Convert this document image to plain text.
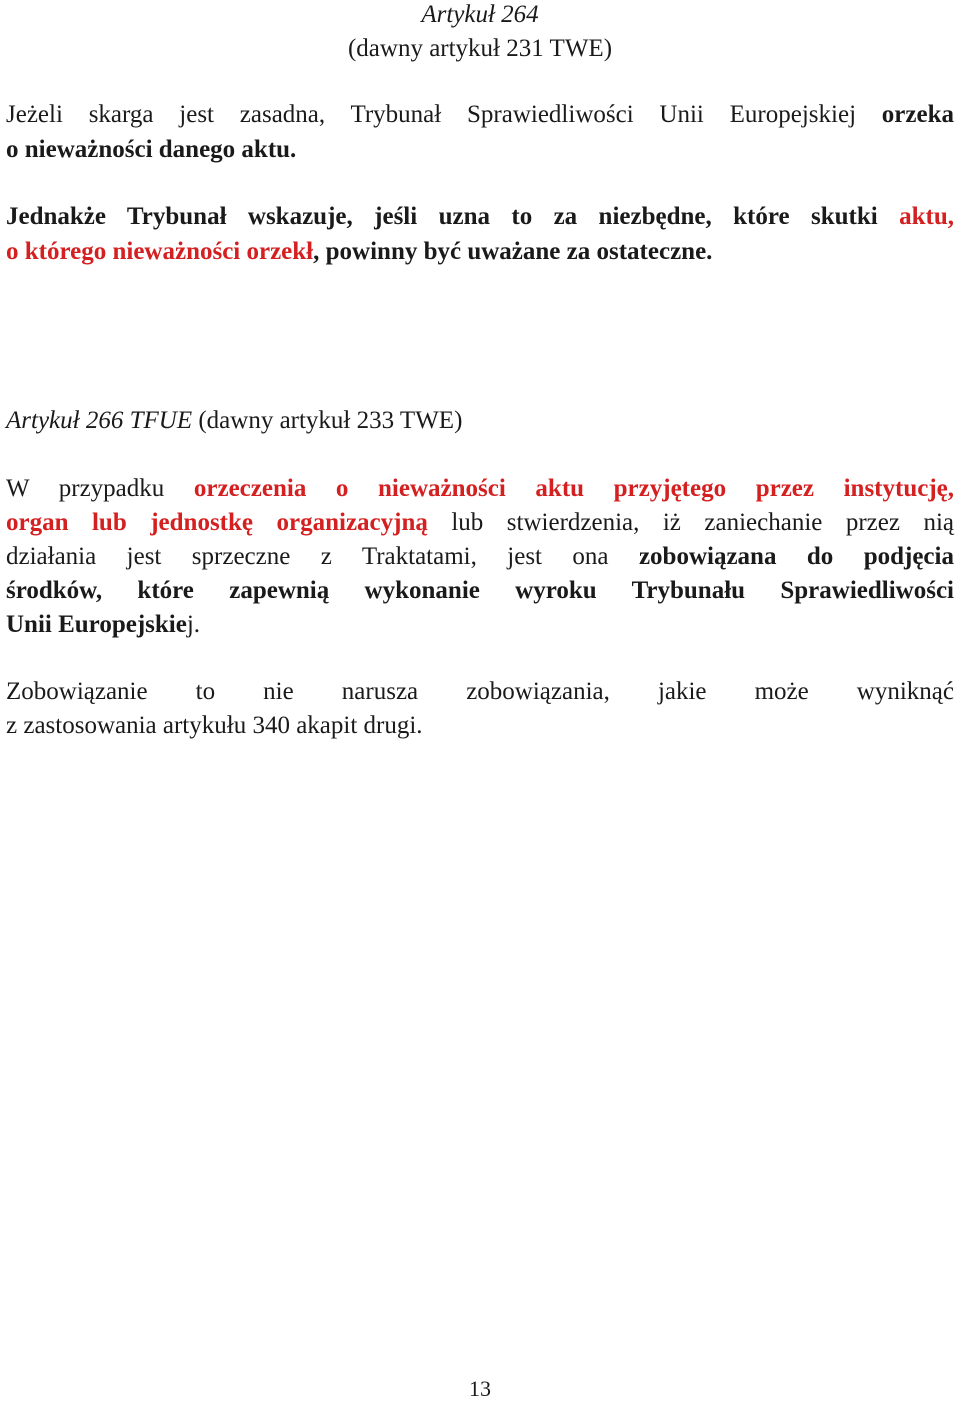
Artykuł 264
(dawny artykuł 231 TWE)
Jeżeli skarga jest zasadna, Trybunał Sprawiedliwości Unii Europejskiej orzeka
o nieważności danego aktu.
Jednakże Trybunał wskazuje, jeśli uzna to za niezbędne, które skutki aktu,
o którego nieważności orzekł, powinny być uważane za ostateczne.
Artykuł 266 TFUE (dawny artykuł 233 TWE)
W przypadku orzeczenia o nieważności aktu przyjętego przez instytucję,
organ lub jednostkę organizacyjną lub stwierdzenia, iż zaniechanie przez nią
działania jest sprzeczne z Traktatami, jest ona zobowiązana do podjęcia
środków, które zapewnią wykonanie wyroku Trybunału Sprawiedliwości
Unii Europejskiej.
Zobowiązanie to nie narusza zobowiązania, jakie może wyniknąć
z zastosowania artykułu 340 akapit drugi.
13
